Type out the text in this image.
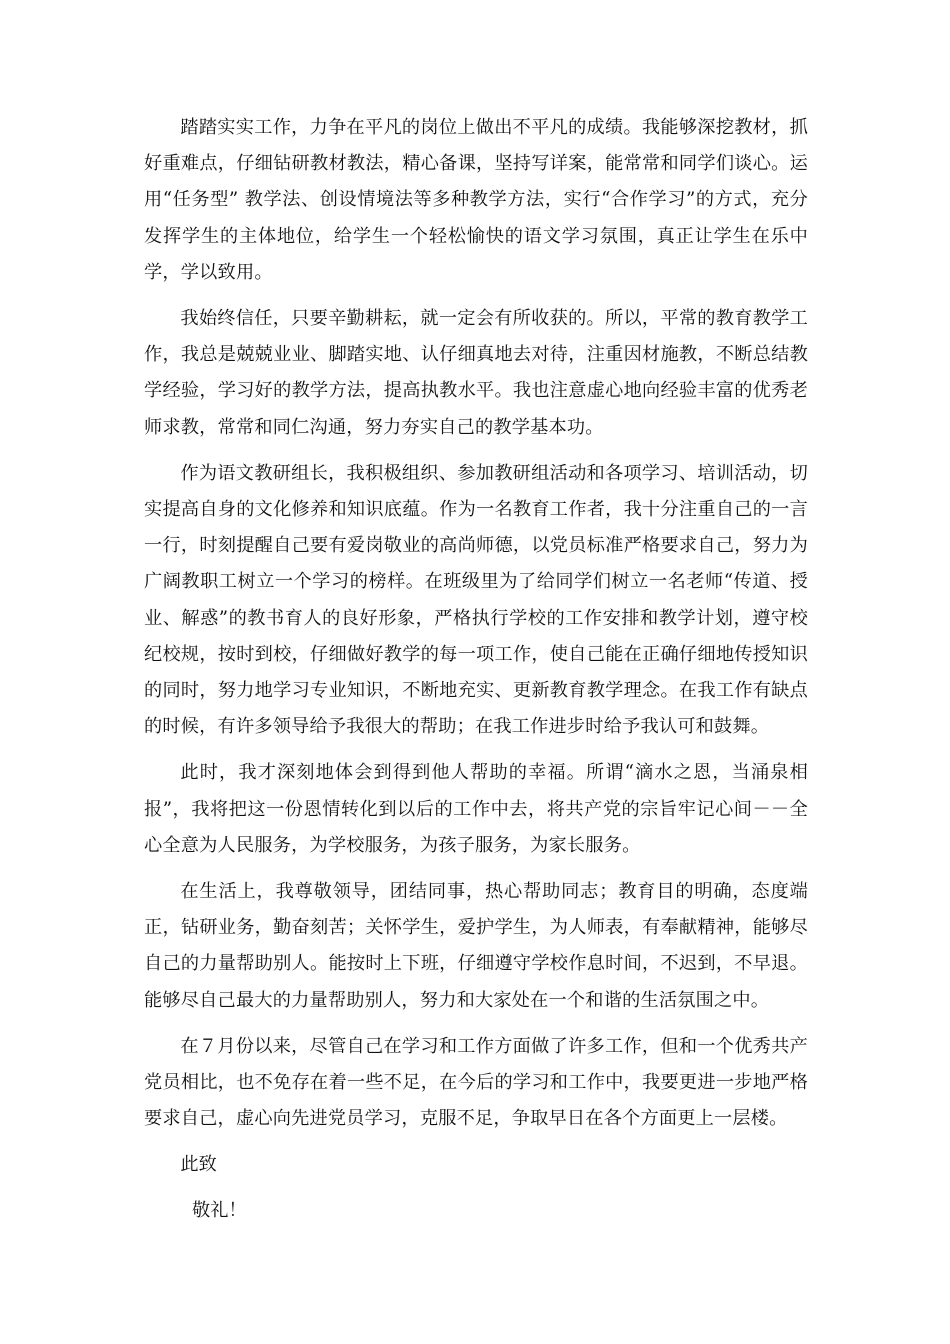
踏踏实实工作，力争在平凡的岗位上做出不平凡的成绩。我能够深挖教材，抓好重难点，仔细钻研教材教法，精心备课，坚持写详案，能常常和同学们谈心。运用“任务型” 教学法、创设情境法等多种教学方法，实行“合作学习”的方式，充分发挥学生的主体地位，给学生一个轻松愉快的语文学习氛围，真正让学生在乐中学，学以致用。

我始终信任，只要辛勤耕耘，就一定会有所收获的。所以，平常的教育教学工作，我总是兢兢业业、脚踏实地、认仔细真地去对待，注重因材施教，不断总结教学经验，学习好的教学方法，提高执教水平。我也注意虚心地向经验丰富的优秀老师求教，常常和同仁沟通，努力夯实自己的教学基本功。

作为语文教研组长，我积极组织、参加教研组活动和各项学习、培训活动，切实提高自身的文化修养和知识底蕴。作为一名教育工作者，我十分注重自己的一言一行，时刻提醒自己要有爱岗敬业的高尚师德，以党员标准严格要求自己，努力为广阔教职工树立一个学习的榜样。在班级里为了给同学们树立一名老师“传道、授业、解惑”的教书育人的良好形象，严格执行学校的工作安排和教学计划，遵守校纪校规，按时到校，仔细做好教学的每一项工作，使自己能在正确仔细地传授知识的同时，努力地学习专业知识，不断地充实、更新教育教学理念。在我工作有缺点的时候，有许多领导给予我很大的帮助；在我工作进步时给予我认可和鼓舞。

此时，我才深刻地体会到得到他人帮助的幸福。所谓“滴水之恩，当涌泉相报”，我将把这一份恩情转化到以后的工作中去，将共产党的宗旨牢记心间－－全心全意为人民服务，为学校服务，为孩子服务，为家长服务。

在生活上，我尊敬领导，团结同事，热心帮助同志；教育目的明确，态度端正，钻研业务，勤奋刻苦；关怀学生，爱护学生，为人师表，有奉献精神，能够尽自己的力量帮助别人。能按时上下班，仔细遵守学校作息时间，不迟到，不早退。能够尽自己最大的力量帮助别人，努力和大家处在一个和谐的生活氛围之中。

在７月份以来，尽管自己在学习和工作方面做了许多工作，但和一个优秀共产党员相比，也不免存在着一些不足，在今后的学习和工作中，我要更进一步地严格要求自己，虚心向先进党员学习，克服不足，争取早日在各个方面更上一层楼。

此致

敬礼！
